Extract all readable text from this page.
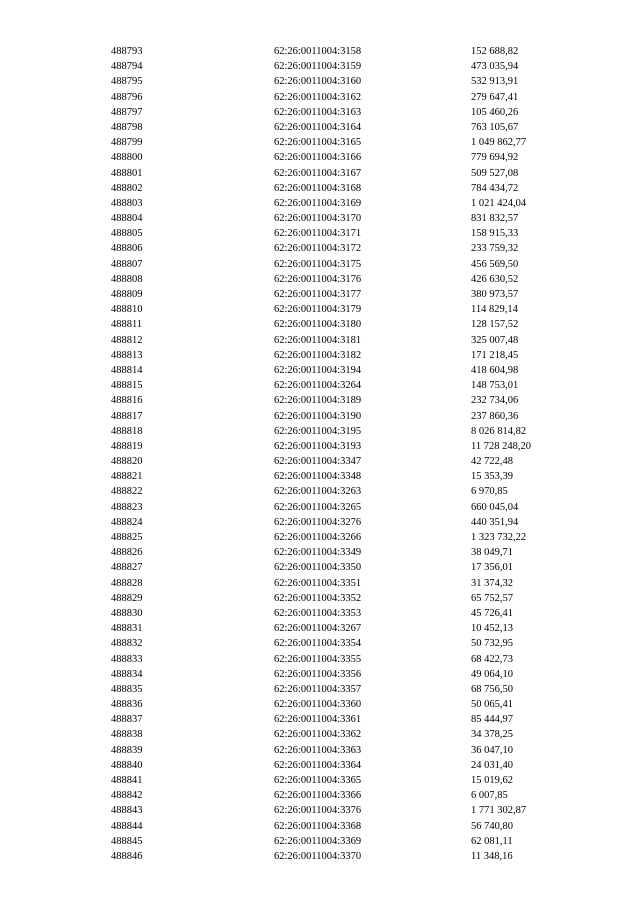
488793	62:26:0011004:3158	152 688,82
488794	62:26:0011004:3159	473 035,94
488795	62:26:0011004:3160	532 913,91
488796	62:26:0011004:3162	279 647,41
488797	62:26:0011004:3163	105 460,26
488798	62:26:0011004:3164	763 105,67
488799	62:26:0011004:3165	1 049 862,77
488800	62:26:0011004:3166	779 694,92
488801	62:26:0011004:3167	509 527,08
488802	62:26:0011004:3168	784 434,72
488803	62:26:0011004:3169	1 021 424,04
488804	62:26:0011004:3170	831 832,57
488805	62:26:0011004:3171	158 915,33
488806	62:26:0011004:3172	233 759,32
488807	62:26:0011004:3175	456 569,50
488808	62:26:0011004:3176	426 630,52
488809	62:26:0011004:3177	380 973,57
488810	62:26:0011004:3179	114 829,14
488811	62:26:0011004:3180	128 157,52
488812	62:26:0011004:3181	325 007,48
488813	62:26:0011004:3182	171 218,45
488814	62:26:0011004:3194	418 604,98
488815	62:26:0011004:3264	148 753,01
488816	62:26:0011004:3189	232 734,06
488817	62:26:0011004:3190	237 860,36
488818	62:26:0011004:3195	8 026 814,82
488819	62:26:0011004:3193	11 728 248,20
488820	62:26:0011004:3347	42 722,48
488821	62:26:0011004:3348	15 353,39
488822	62:26:0011004:3263	6 970,85
488823	62:26:0011004:3265	660 045,04
488824	62:26:0011004:3276	440 351,94
488825	62:26:0011004:3266	1 323 732,22
488826	62:26:0011004:3349	38 049,71
488827	62:26:0011004:3350	17 356,01
488828	62:26:0011004:3351	31 374,32
488829	62:26:0011004:3352	65 752,57
488830	62:26:0011004:3353	45 726,41
488831	62:26:0011004:3267	10 452,13
488832	62:26:0011004:3354	50 732,95
488833	62:26:0011004:3355	68 422,73
488834	62:26:0011004:3356	49 064,10
488835	62:26:0011004:3357	68 756,50
488836	62:26:0011004:3360	50 065,41
488837	62:26:0011004:3361	85 444,97
488838	62:26:0011004:3362	34 378,25
488839	62:26:0011004:3363	36 047,10
488840	62:26:0011004:3364	24 031,40
488841	62:26:0011004:3365	15 019,62
488842	62:26:0011004:3366	6 007,85
488843	62:26:0011004:3376	1 771 302,87
488844	62:26:0011004:3368	56 740,80
488845	62:26:0011004:3369	62 081,11
488846	62:26:0011004:3370	11 348,16
